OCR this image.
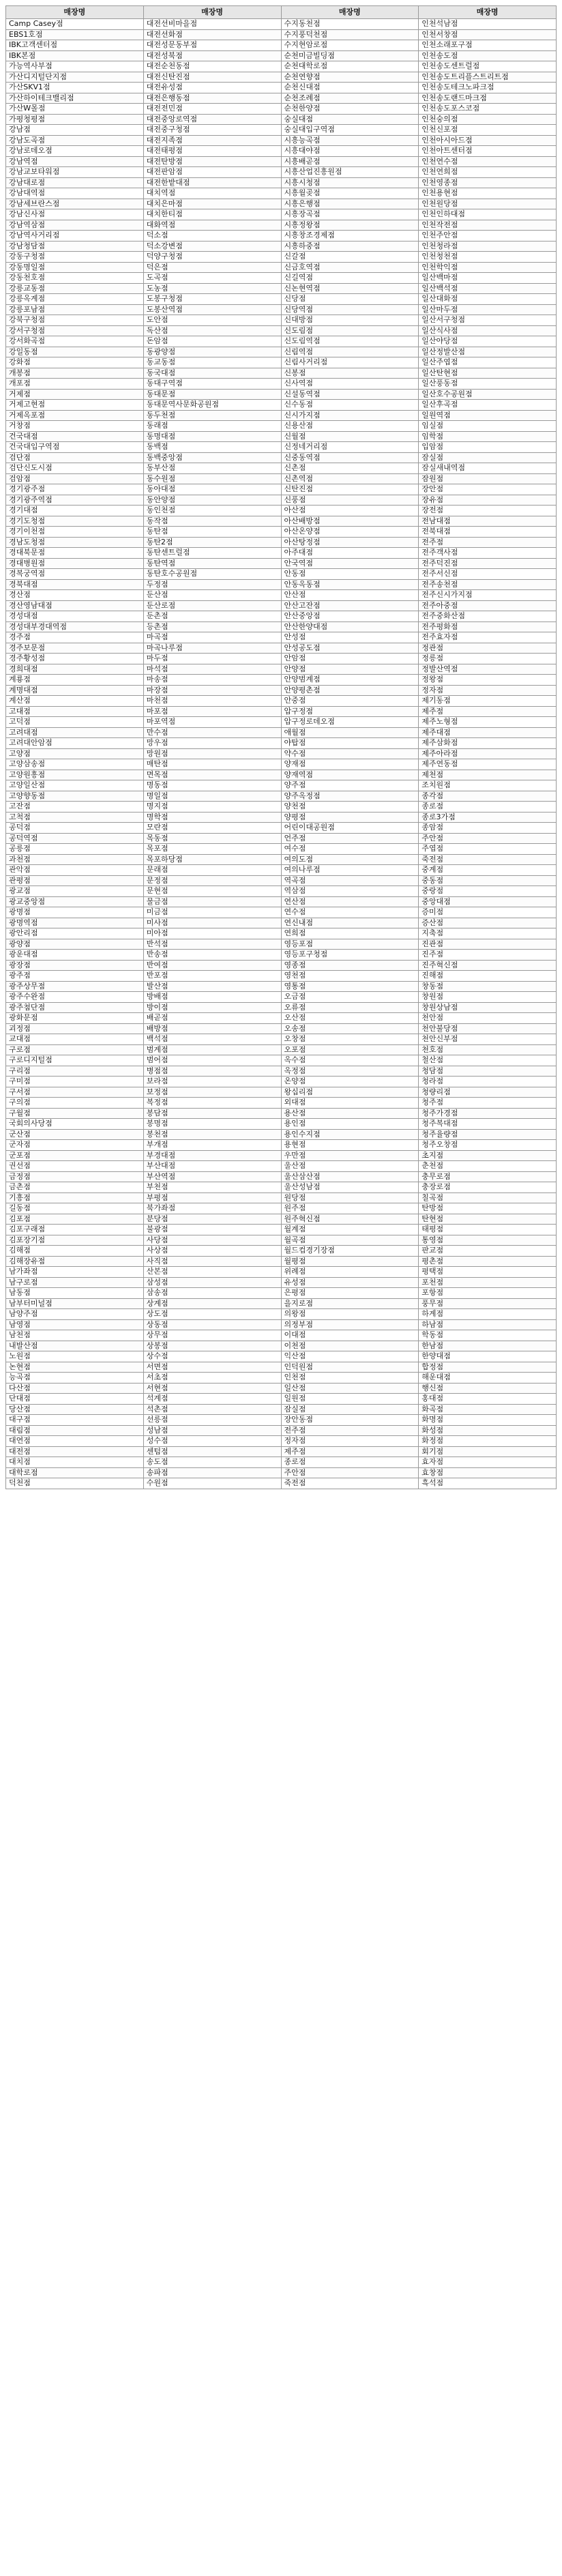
매장명	매장명	매장명	매장명
Camp Casey점	대전선비마을점	수지동천점	인천석남점
EBS1호점	대전선화점	수지풍덕천점	인천서창점
IBK고객센터점	대전성문동부점	수지현암로점	인천소래포구점
IBK본점	대전성북점	순천미금빌딩점	인천송도점
가능역사부점	대전순천동점	순천대학로점	인천송도센트럴점
가산디지털단지점	대전신탄진점	순천연향점	인천송도트리플스트리트점
가산SKV1점	대전유성점	순천신대점	인천송도테크노파크점
가산하이테크밸리점	대전은행동점	순천조례점	인천송도랜드마크점
가산W몰점	대전전민점	순천한양점	인천송도포스코점
가평청평점	대전중앙로역점	숭실대점	인천숭의점
강남점	대전중구청점	숭실대입구역점	인천신포점
강남도곡점	대전지족점	시흥능곡점	인천아시아드점
강남로데오점	대전태평점	시흥대야점	인천아트센터점
강남역점	대전탄방점	시흥배곧점	인천연수점
강남교보타워점	대전판암점	시흥산업진흥원점	인천연희점
강남대로점	대전한밭대점	시흥시청점	인천영종점
강남대역점	대치역점	시흥월곶점	인천용현점
강남세브란스점	대치은마점	시흥은행점	인천원당점
강남신사점	대치한티점	시흥장곡점	인천인하대점
강남역삼점	대화역점	시흥정왕점	인천작전점
강남역사거리점	덕소점	시흥창조경제점	인천주안점
강남청담점	덕소강변점	시흥하중점	인천청라점
강동구청점	덕양구청점	신갈점	인천청천점
강동명일점	덕은점	신금호역점	인천학익점
강동천호점	도곡점	신길역점	일산백마점
강릉교동점	도농점	신논현역점	일산백석점
강릉옥계점	도봉구청점	신당점	일산대화점
강릉포남점	도봉산역점	신당역점	일산마두점
강북구청점	도안점	신대방점	일산서구청점
강서구청점	독산점	신도림점	일산식사점
강서화곡점	돈암점	신도림역점	일산야당점
강일동점	동광양점	신림역점	일산정발산점
강화점	동교동점	신림사거리점	일산주엽점
개봉점	동국대점	신봉점	일산탄현점
개포점	동대구역점	신사역점	일산풍동점
거제점	동대문점	신설동역점	일산호수공원점
거제고현점	동대문역사문화공원점	신수동점	일산후곡점
거제옥포점	동두천점	신시가지점	일원역점
거창점	동래점	신용산점	임실점
건국대점	동명대점	신월점	임학점
건국대입구역점	동백점	신정네거리점	입암점
검단점	동백중앙점	신중동역점	잠실점
검단신도시점	동부산점	신촌점	잠실새내역점
검암점	동수원점	신촌역점	잠원점
경기광주점	동아대점	신탄진점	장안점
경기광주역점	동안양점	신풍점	장유점
경기대점	동인천점	아산점	장전점
경기도청점	동작점	아산배방점	전남대점
경기이천점	동탄점	아산온양점	전북대점
경남도청점	동탄2점	아산탕정점	전주점
경대북문점	동탄센트럴점	아주대점	전주객사점
경대병원점	동탄역점	안국역점	전주덕진점
경복궁역점	동탄호수공원점	안동점	전주서신점
경북대점	두정점	안동옥동점	전주송천점
경산점	둔산점	안산점	전주신시가지점
경산영남대점	둔산로점	안산고잔점	전주아중점
경성대점	둔촌점	안산중앙점	전주중화산점
경성대부경대역점	등촌점	안산한양대점	전주평화점
경주점	마곡점	안성점	전주효자점
경주보문점	마곡나루점	안성공도점	정관점
경주황성점	마두점	안암점	정릉점
경희대점	마석점	안양점	정발산역점
계룡점	마송점	안양범계점	정왕점
계명대점	마장점	안양평촌점	정자점
계산점	마천점	안중점	제기동점
고대점	마포점	압구정점	제주점
고덕점	마포역점	압구정로데오점	제주노형점
고려대점	만수점	애월점	제주대점
고려대안암점	망우점	야탑점	제주삼화점
고양점	망원점	약수점	제주아라점
고양삼송점	매탄점	양재점	제주연동점
고양원흥점	면목점	양재역점	제천점
고양일산점	명동점	양주점	조치원점
고양향동점	명일점	양주옥정점	종각점
고잔점	명지점	양천점	종로점
고척점	명학점	양평점	종로3가점
공덕점	모란점	어린이대공원점	종암점
공덕역점	목동점	언주점	주안점
공릉점	목포점	여수점	주엽점
과천점	목포하당점	여의도점	죽전점
관악점	문래점	여의나루점	중계점
관평점	문정점	역곡점	중동점
광교점	문현점	역삼점	중랑점
광교중앙점	물금점	연산점	중앙대점
광명점	미금점	연수점	증미점
광명역점	미사점	연신내점	증산점
광안리점	미아점	연희점	지축점
광양점	반석점	영등포점	진관점
광운대점	반송점	영등포구청점	진주점
광장점	반여점	영종점	진주혁신점
광주점	반포점	영천점	진해점
광주상무점	발산점	영통점	창동점
광주수완점	방배점	오금점	창원점
광주첨단점	방이점	오류점	창원상남점
광화문점	배곧점	오산점	천안점
괴정점	배방점	오송점	천안불당점
교대점	백석점	오창점	천안신부점
구로점	범계점	오포점	천호점
구로디지털점	범어점	옥수점	철산점
구리점	병점점	옥정점	청담점
구미점	보라점	온양점	청라점
구서점	보정점	왕십리점	청량리점
구의점	복정점	외대점	청주점
구월점	봉담점	용산점	청주가경점
국회의사당점	봉명점	용인점	청주복대점
군산점	봉천점	용인수지점	청주율량점
군자점	부개점	용현점	청주오창점
군포점	부경대점	우만점	초지점
권선점	부산대점	울산점	춘천점
금정점	부산역점	울산삼산점	충무로점
금촌점	부천점	울산성남점	충장로점
기흥점	부평점	원당점	칠곡점
길동점	북가좌점	원주점	탄방점
김포점	분당점	원주혁신점	탄현점
김포구래점	불광점	월계점	태평점
김포장기점	사당점	월곡점	통영점
김해점	사상점	월드컵경기장점	판교점
김해장유점	사직점	월평점	평촌점
남가좌점	산본점	위례점	평택점
남구로점	삼성점	유성점	포천점
남동점	삼송점	은평점	포항점
남부터미널점	상계점	을지로점	풍무점
남양주점	상도점	의왕점	하계점
남영점	상동점	의정부점	하남점
남천점	상무점	이대점	학동점
내발산점	상봉점	이천점	한남점
노원점	상수점	익산점	한양대점
논현점	서면점	인덕원점	합정점
능곡점	서초점	인천점	해운대점
다산점	서현점	일산점	행신점
단대점	석계점	일원점	홍대점
당산점	석촌점	잠실점	화곡점
대구점	선릉점	장안동점	화명점
대림점	성남점	전주점	화성점
대연점	성수점	정자점	화정점
대전점	센텀점	제주점	회기점
대치점	송도점	종로점	효자점
대학로점	송파점	주안점	효창점
덕천점	수원점	죽전점	흑석점
